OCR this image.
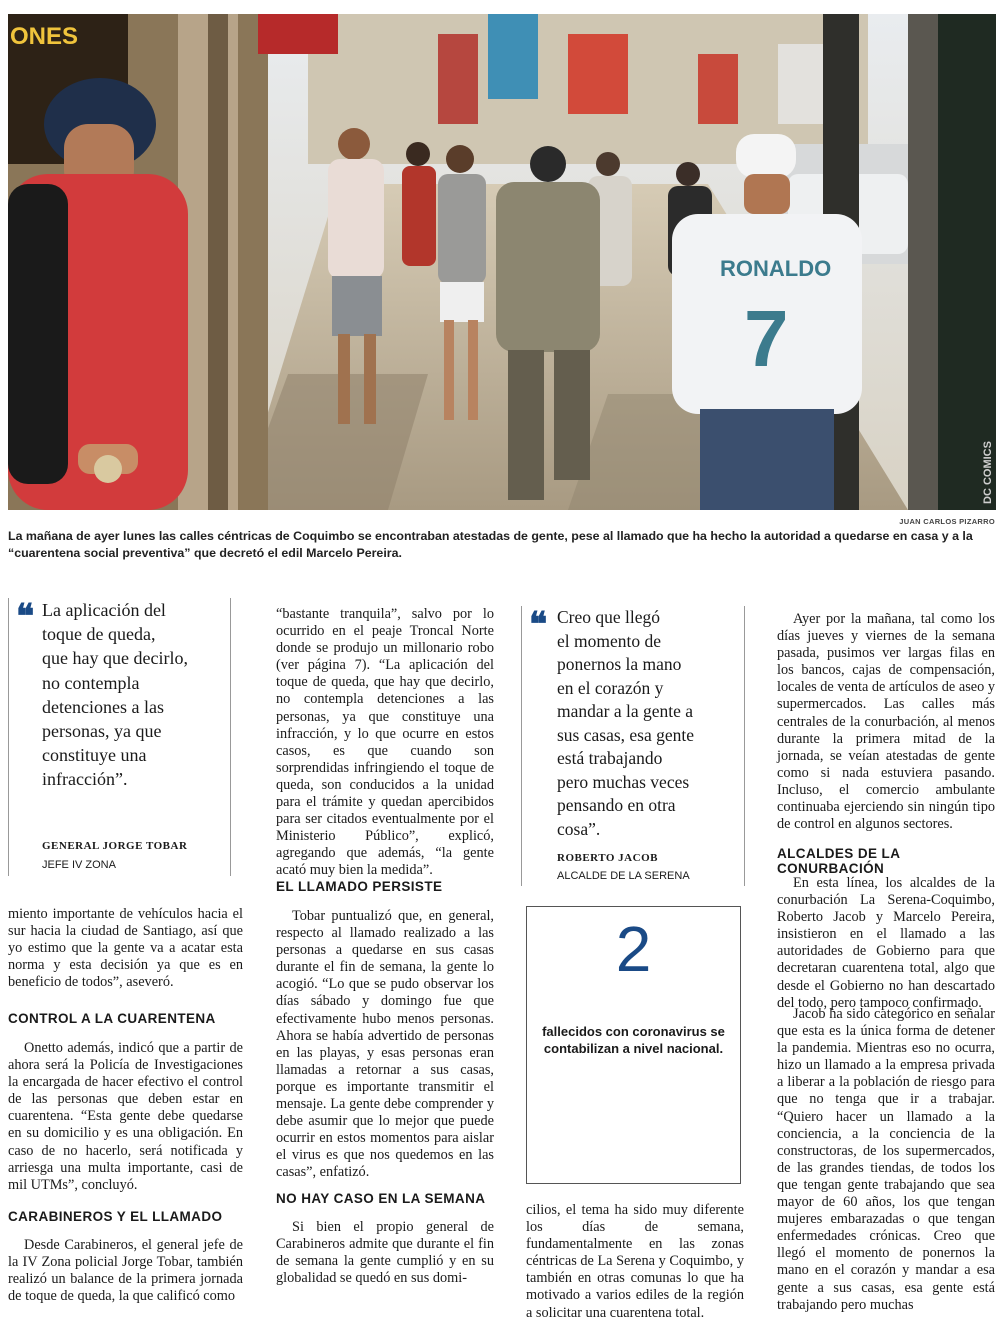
ONES
DC COMICS
RONALDO
7
JUAN CARLOS PIZARRO
La mañana de ayer lunes las calles céntricas de Coquimbo se encontraban atestadas de gente, pese al llamado que ha hecho la autoridad a quedarse en casa y a la “cuarentena social preventiva” que decretó el edil Marcelo Pereira.
❝ La aplicación del
toque de queda,
que hay que decirlo,
no contempla
detenciones a las
personas, ya que
constituye una
infracción”.
GENERAL JORGE TOBAR
JEFE IV ZONA
❝ Creo que llegó
el momento de
ponernos la mano
en el corazón y
mandar a la gente a
sus casas, esa gente
está trabajando
pero muchas veces
pensando en otra
cosa”.
ROBERTO JACOB
ALCALDE DE LA SERENA
2
fallecidos con coronavirus se contabilizan a nivel nacional.

miento importante de vehículos hacia el sur hacia la ciudad de Santiago, así que yo estimo que la gente va a acatar esta norma y esta decisión ya que es en beneficio de todos”, aseveró.

CONTROL A LA CUARENTENA

Onetto además, indicó que a partir de ahora será la Policía de Investigaciones la encargada de hacer efectivo el control de las personas que deben estar en cuarentena. “Esta gente debe quedarse en su domicilio y es una obligación. En caso de no hacerlo, será notificada y arriesga una multa importante, casi de mil UTMs”, concluyó.

CARABINEROS Y EL LLAMADO

Desde Carabineros, el general jefe de la IV Zona policial Jorge Tobar, también realizó un balance de la primera jornada de toque de queda, la que calificó como

“bastante tranquila”, salvo por lo ocurrido en el peaje Troncal Norte donde se produjo un millonario robo (ver página 7). “La aplicación del toque de queda, que hay que decirlo, no contempla detenciones a las personas, ya que constituye una infracción, y lo que ocurre en estos casos, es que cuando son sorprendidas infringiendo el toque de queda, son conducidos a la unidad para el trámite y quedan apercibidos para ser citados eventualmente por el Ministerio Público”, explicó, agregando que además, “la gente acató muy bien la medida”.

EL LLAMADO PERSISTE

Tobar puntualizó que, en general, respecto al llamado realizado a las personas a quedarse en sus casas durante el fin de semana, la gente lo acogió. “Lo que se pudo observar los días sábado y domingo fue que efectivamente hubo menos personas. Ahora se había advertido de personas en las playas, y esas personas eran llamadas a retornar a sus casas, porque es importante transmitir el mensaje. La gente debe comprender y debe asumir que lo mejor que puede ocurrir en estos momentos para aislar el virus es que nos quedemos en las casas”, enfatizó.

NO HAY CASO EN LA SEMANA

Si bien el propio general de Carabineros admite que durante el fin de semana la gente cumplió y en su globalidad se quedó en sus domi-

cilios, el tema ha sido muy diferente los días de semana, fundamentalmente en las zonas céntricas de La Serena y Coquimbo, y también en otras comunas lo que ha motivado a varios ediles de la región a solicitar una cuarentena total.

Ayer por la mañana, tal como los días jueves y viernes de la semana pasada, pusimos ver largas filas en los bancos, cajas de compensación, locales de venta de artículos de aseo y supermercados. Las calles más centrales de la conurbación, al menos durante la primera mitad de la jornada, se veían atestadas de gente como si nada estuviera pasando. Incluso, el comercio ambulante continuaba ejerciendo sin ningún tipo de control en algunos sectores.

ALCALDES DE LA CONURBACIÓN

En esta línea, los alcaldes de la conurbación La Serena-Coquimbo, Roberto Jacob y Marcelo Pereira, insistieron en el llamado a las autoridades de Gobierno para que decretaran cuarentena total, algo que desde el Gobierno no han descartado del todo, pero tampoco confirmado.

Jacob ha sido categórico en señalar que esta es la única forma de detener la pandemia. Mientras eso no ocurra, hizo un llamado a la empresa privada a liberar a la población de riesgo para que no tenga que ir a trabajar. “Quiero hacer un llamado a la conciencia, a la conciencia de la constructoras, de los supermercados, de las grandes tiendas, de todos los que tengan gente trabajando que sea mayor de 60 años, los que tengan mujeres embarazadas o que tengan enfermedades crónicas. Creo que llegó el momento de ponernos la mano en el corazón y mandar a esa gente a sus casas, esa gente está trabajando pero muchas
